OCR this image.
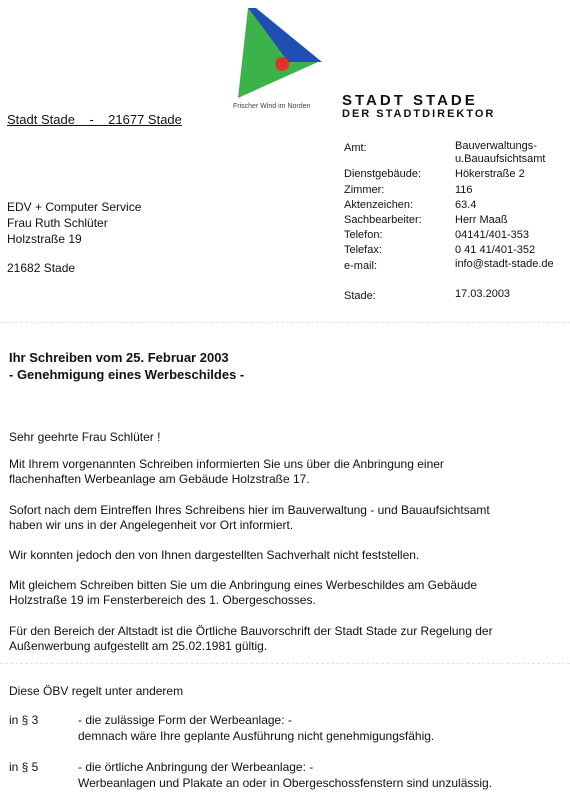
Frischer Wind im Norden STADT STADE
DER STADTDIREKTOR
Stadt Stade    -    21677 Stade
EDV + Computer Service
Frau Ruth Schlüter
Holzstraße 19
21682 Stade
Amt:	Bauverwaltungs-
u.Bauaufsichtsamt
Dienstgebäude:	Hökerstraße 2
Zimmer:	116
Aktenzeichen:	63.4
Sachbearbeiter:	Herr Maaß
Telefon:	04141/401-353
Telefax:	0 41 41/401-352
e-mail:	info@stadt-stade.de
Stade:	17.03.2003
Ihr Schreiben vom 25. Februar 2003
- Genehmigung eines Werbeschildes -
Sehr geehrte Frau Schlüter !
Mit Ihrem vorgenannten Schreiben informierten Sie uns über die Anbringung einer
flachenhaften Werbeanlage am Gebäude Holzstraße 17.
Sofort nach dem Eintreffen Ihres Schreibens hier im Bauverwaltung - und Bauaufsichtsamt
haben wir uns in der Angelegenheit vor Ort informiert.
Wir konnten jedoch den von Ihnen dargestellten Sachverhalt nicht feststellen.
Mit gleichem Schreiben bitten Sie um die Anbringung eines Werbeschildes am Gebäude
Holzstraße 19 im Fensterbereich des 1. Obergeschosses.
Für den Bereich der Altstadt ist die Örtliche Bauvorschrift der Stadt Stade zur Regelung der
Außenwerbung aufgestellt am 25.02.1981 gültig.
Diese ÖBV regelt unter anderem
in § 3	- die zulässige Form der Werbeanlage: -
demnach wäre Ihre geplante Ausführung nicht genehmigungsfähig.
in § 5	- die örtliche Anbringung der Werbeanlage: -
Werbeanlagen und Plakate an oder in Obergeschossfenstern sind unzulässig.
